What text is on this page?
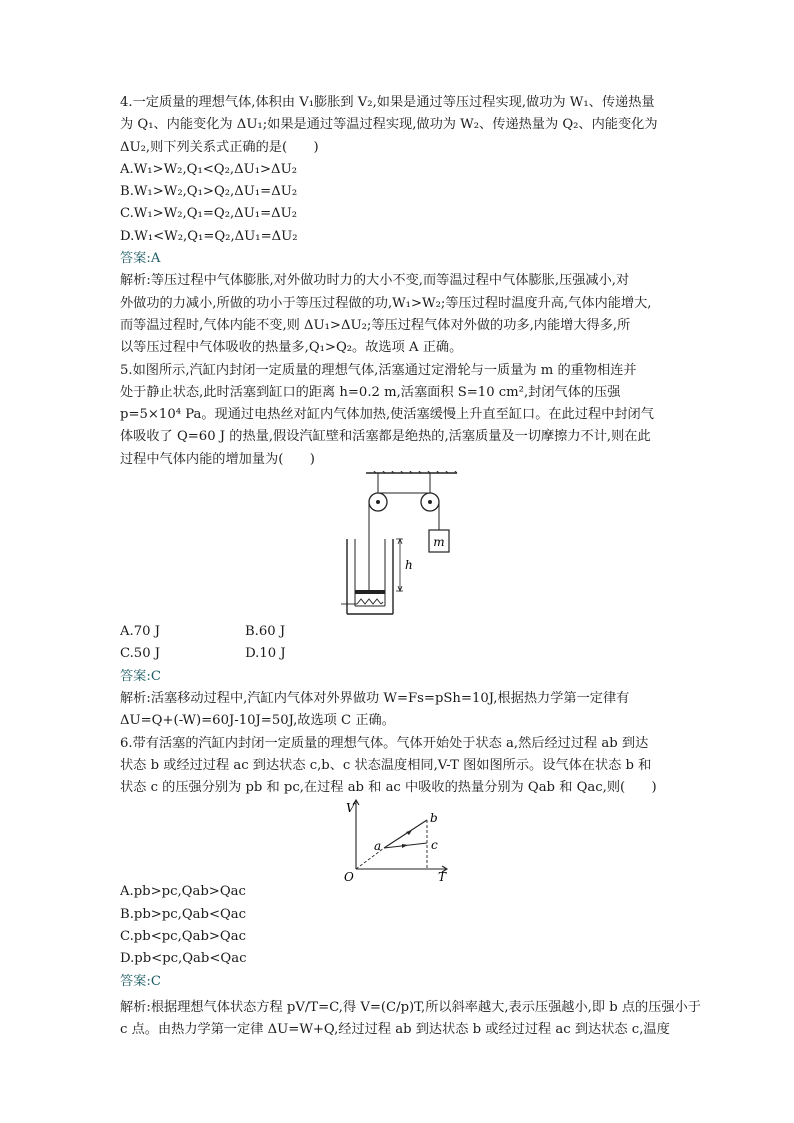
4.一定质量的理想气体,体积由 V₁膨胀到 V₂,如果是通过等压过程实现,做功为 W₁、传递热量
为 Q₁、内能变化为 ΔU₁;如果是通过等温过程实现,做功为 W₂、传递热量为 Q₂、内能变化为
ΔU₂,则下列关系式正确的是(　　)
A.W₁>W₂,Q₁<Q₂,ΔU₁>ΔU₂
B.W₁>W₂,Q₁>Q₂,ΔU₁=ΔU₂
C.W₁>W₂,Q₁=Q₂,ΔU₁=ΔU₂
D.W₁<W₂,Q₁=Q₂,ΔU₁=ΔU₂
答案:A
解析:等压过程中气体膨胀,对外做功时力的大小不变,而等温过程中气体膨胀,压强减小,对
外做功的力减小,所做的功小于等压过程做的功,W₁>W₂;等压过程时温度升高,气体内能增大,
而等温过程时,气体内能不变,则 ΔU₁>ΔU₂;等压过程气体对外做的功多,内能增大得多,所
以等压过程中气体吸收的热量多,Q₁>Q₂。故选项 A 正确。
5.如图所示,汽缸内封闭一定质量的理想气体,活塞通过定滑轮与一质量为 m 的重物相连并
处于静止状态,此时活塞到缸口的距离 h=0.2 m,活塞面积 S=10 cm²,封闭气体的压强
p=5×10⁴ Pa。现通过电热丝对缸内气体加热,使活塞缓慢上升直至缸口。在此过程中封闭气
体吸收了 Q=60 J 的热量,假设汽缸壁和活塞都是绝热的,活塞质量及一切摩擦力不计,则在此
过程中气体内能的增加量为(　　)
m
h
A.70 J	B.60 J
C.50 J	D.10 J
答案:C
解析:活塞移动过程中,汽缸内气体对外界做功 W=Fs=pSh=10J,根据热力学第一定律有
ΔU=Q+(-W)=60J-10J=50J,故选项 C 正确。
6.带有活塞的汽缸内封闭一定质量的理想气体。气体开始处于状态 a,然后经过过程 ab 到达
状态 b 或经过过程 ac 到达状态 c,b、c 状态温度相同,V-T 图如图所示。设气体在状态 b 和
状态 c 的压强分别为 pb 和 pc,在过程 ab 和 ac 中吸收的热量分别为 Qab 和 Qac,则(　　)
V
T
O
a
b
c
A.pb>pc,Qab>Qac
B.pb>pc,Qab<Qac
C.pb<pc,Qab>Qac
D.pb<pc,Qab<Qac
答案:C
解析:根据理想气体状态方程 pV/T=C,得 V=(C/p)T,所以斜率越大,表示压强越小,即 b 点的压强小于
c 点。由热力学第一定律 ΔU=W+Q,经过过程 ab 到达状态 b 或经过过程 ac 到达状态 c,温度
